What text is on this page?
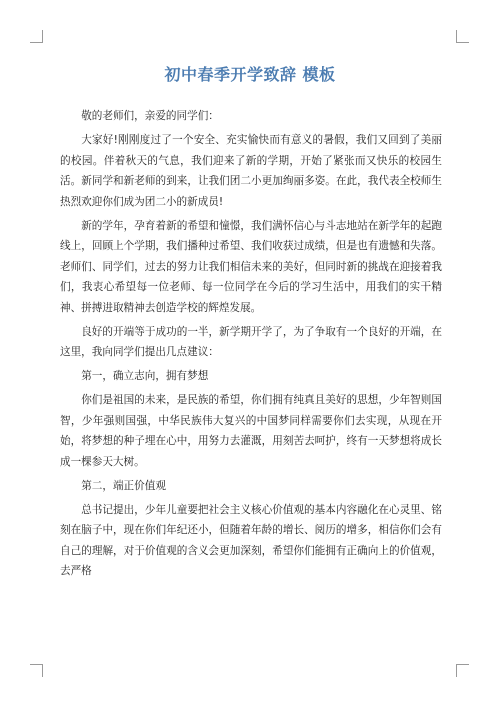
初中春季开学致辞 模板

敬的老师们，亲爱的同学们：

大家好!刚刚度过了一个安全、充实愉快而有意义的暑假，我们又回到了美丽的校园。伴着秋天的气息，我们迎来了新的学期，开始了紧张而又快乐的校园生活。新同学和新老师的到来，让我们团二小更加绚丽多姿。在此，我代表全校师生热烈欢迎你们成为团二小的新成员!

新的学年，孕育着新的希望和憧憬，我们满怀信心与斗志地站在新学年的起跑线上，回顾上个学期，我们播种过希望、我们收获过成绩，但是也有遗憾和失落。老师们、同学们，过去的努力让我们相信未来的美好，但同时新的挑战在迎接着我们，我衷心希望每一位老师、每一位同学在今后的学习生活中，用我们的实干精神、拼搏进取精神去创造学校的辉煌发展。

良好的开端等于成功的一半，新学期开学了，为了争取有一个良好的开端，在这里，我向同学们提出几点建议：

第一，确立志向，拥有梦想

你们是祖国的未来，是民族的希望，你们拥有纯真且美好的思想，少年智则国智，少年强则国强，中华民族伟大复兴的中国梦同样需要你们去实现，从现在开始，将梦想的种子埋在心中，用努力去灌溉，用刻苦去呵护，终有一天梦想将成长成一棵参天大树。

第二，端正价值观

总书记提出，少年儿童要把社会主义核心价值观的基本内容融化在心灵里、铭刻在脑子中，现在你们年纪还小，但随着年龄的增长、阅历的增多，相信你们会有自己的理解，对于价值观的含义会更加深刻，希望你们能拥有正确向上的价值观，去严格
